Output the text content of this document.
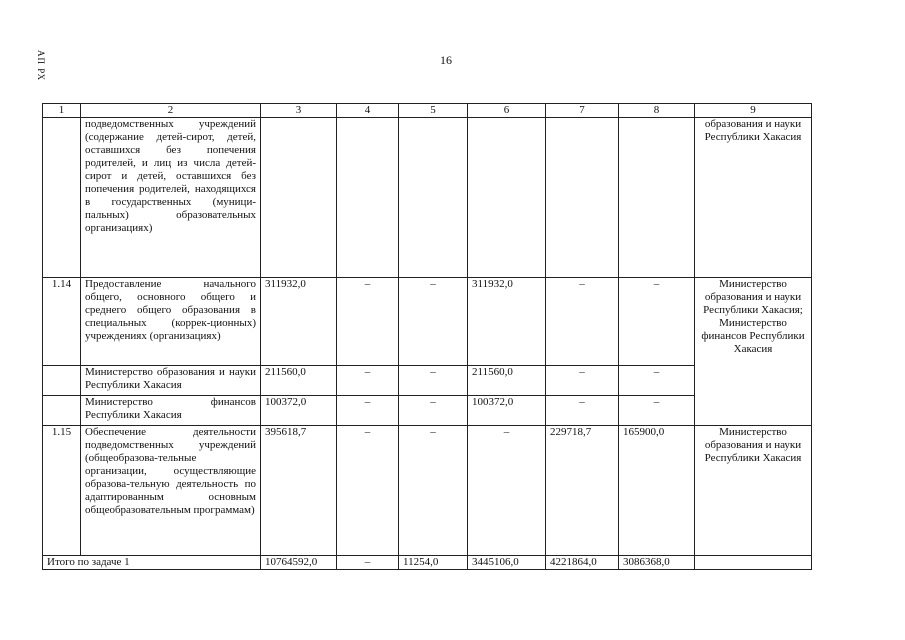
АП РХ	16
1	2	3	4	5	6	7	8	9
	подведомственных учреждений (содержание детей-сирот, детей, оставшихся без попечения родителей, и лиц из числа детей-сирот и детей, оставшихся без попечения родителей, находящихся в государственных (муници-пальных) образовательных организациях)							образования и науки Республики Хакасия
1.14	Предоставление начального общего, основного общего и среднего общего образования в специальных (коррек-ционных) учреждениях (организациях)	311932,0	–	–	311932,0	–	–	Министерство образования и науки Республики Хакасия; Министерство финансов Республики Хакасия
	Министерство образования и науки Республики Хакасия	211560,0	–	–	211560,0	–	–	
	Министерство финансов Республики Хакасия	100372,0	–	–	100372,0	–	–	
1.15	Обеспечение деятельности подведомственных учреждений (общеобразова-тельные организации, осуществляющие образова-тельную деятельность по адаптированным основным общеобразовательным программам)	395618,7	–	–	–	229718,7	165900,0	Министерство образования и науки Республики Хакасия
Итого по задаче 1		10764592,0	–	11254,0	3445106,0	4221864,0	3086368,0	
